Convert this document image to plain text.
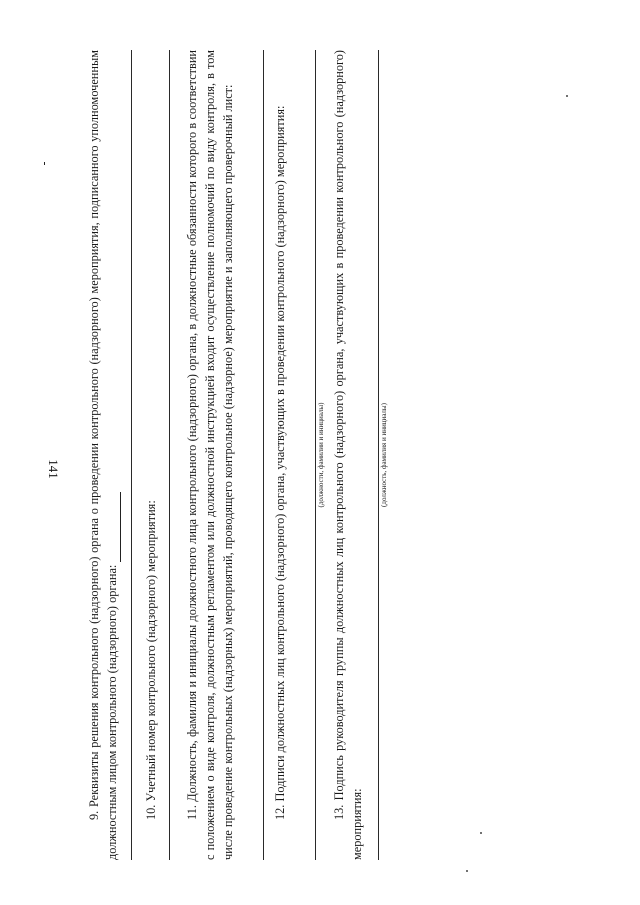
141 9. Реквизиты решения контрольного (надзорного) органа о проведении контрольного (надзорного) мероприятия, подписанного уполномоченным должностным лицом контрольного (надзорного) органа: 10. Учетный номер контрольного (надзорного) мероприятия: 11. Должность, фамилия и инициалы должностного лица контрольного (надзорного) органа, в должностные обязанности которого в соответствии с положением о виде контроля, должностным регламентом или должностной инструкцией входит осуществление полномочий по виду контроля, в том числе проведение контрольных (надзорных) мероприятий, проводящего контрольное (надзорное) мероприятие и заполняющего проверочный лист:	12. Подписи должностных лиц контрольного (надзорного) органа, участвующих в проведении контрольного (надзорного) мероприятия:	(должности, фамилии и инициалы) 13. Подпись руководителя группы должностных лиц контрольного (надзорного) органа, участвующих в проведении контрольного (надзорного) мероприятия:

(должность, фамилия и инициалы)
